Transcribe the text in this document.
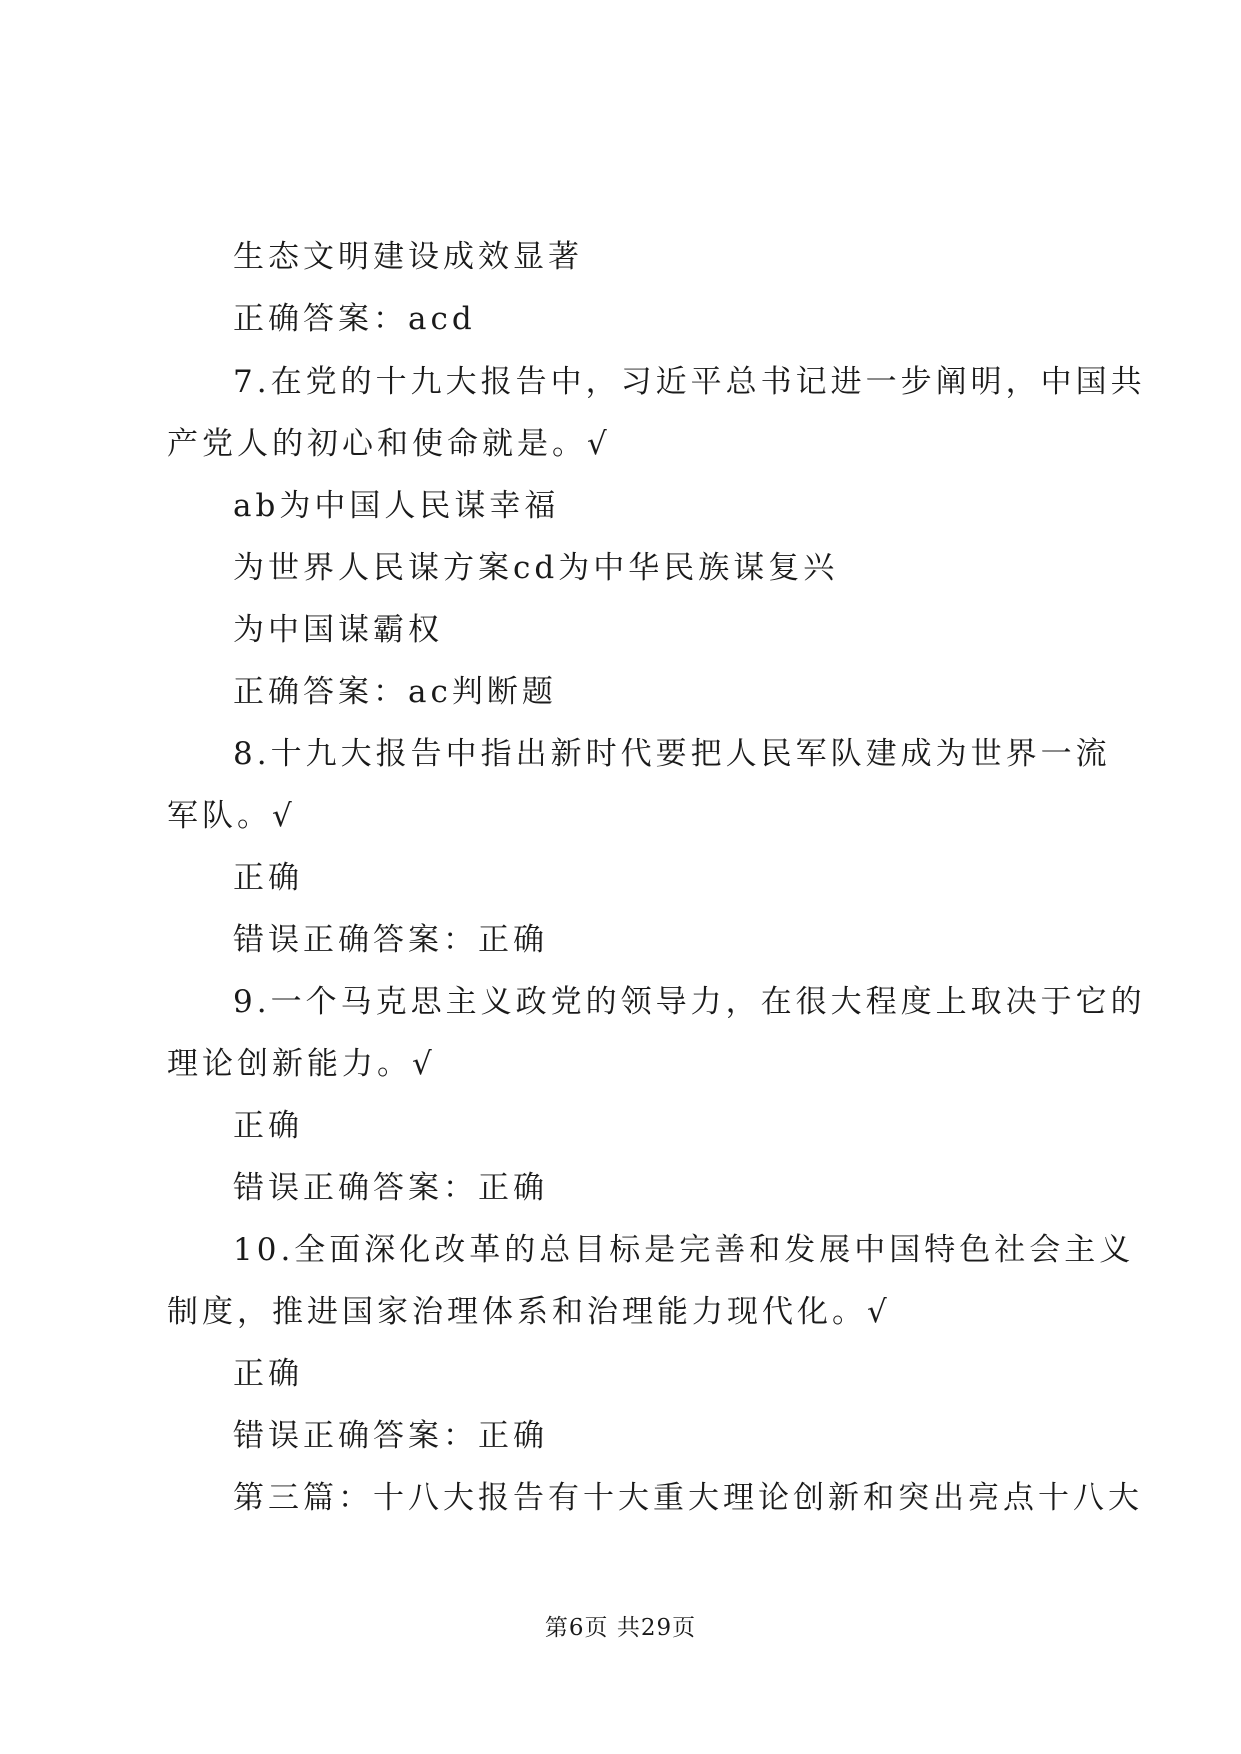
生态文明建设成效显著
正确答案：acd
7.在党的十九大报告中，习近平总书记进一步阐明，中国共
产党人的初心和使命就是。√
ab为中国人民谋幸福
为世界人民谋方案cd为中华民族谋复兴
为中国谋霸权
正确答案：ac判断题
8.十九大报告中指出新时代要把人民军队建成为世界一流
军队。√
正确
错误正确答案：正确
9.一个马克思主义政党的领导力，在很大程度上取决于它的
理论创新能力。√
正确
错误正确答案：正确
10.全面深化改革的总目标是完善和发展中国特色社会主义
制度，推进国家治理体系和治理能力现代化。√
正确
错误正确答案：正确
第三篇：十八大报告有十大重大理论创新和突出亮点十八大
第6页 共29页
